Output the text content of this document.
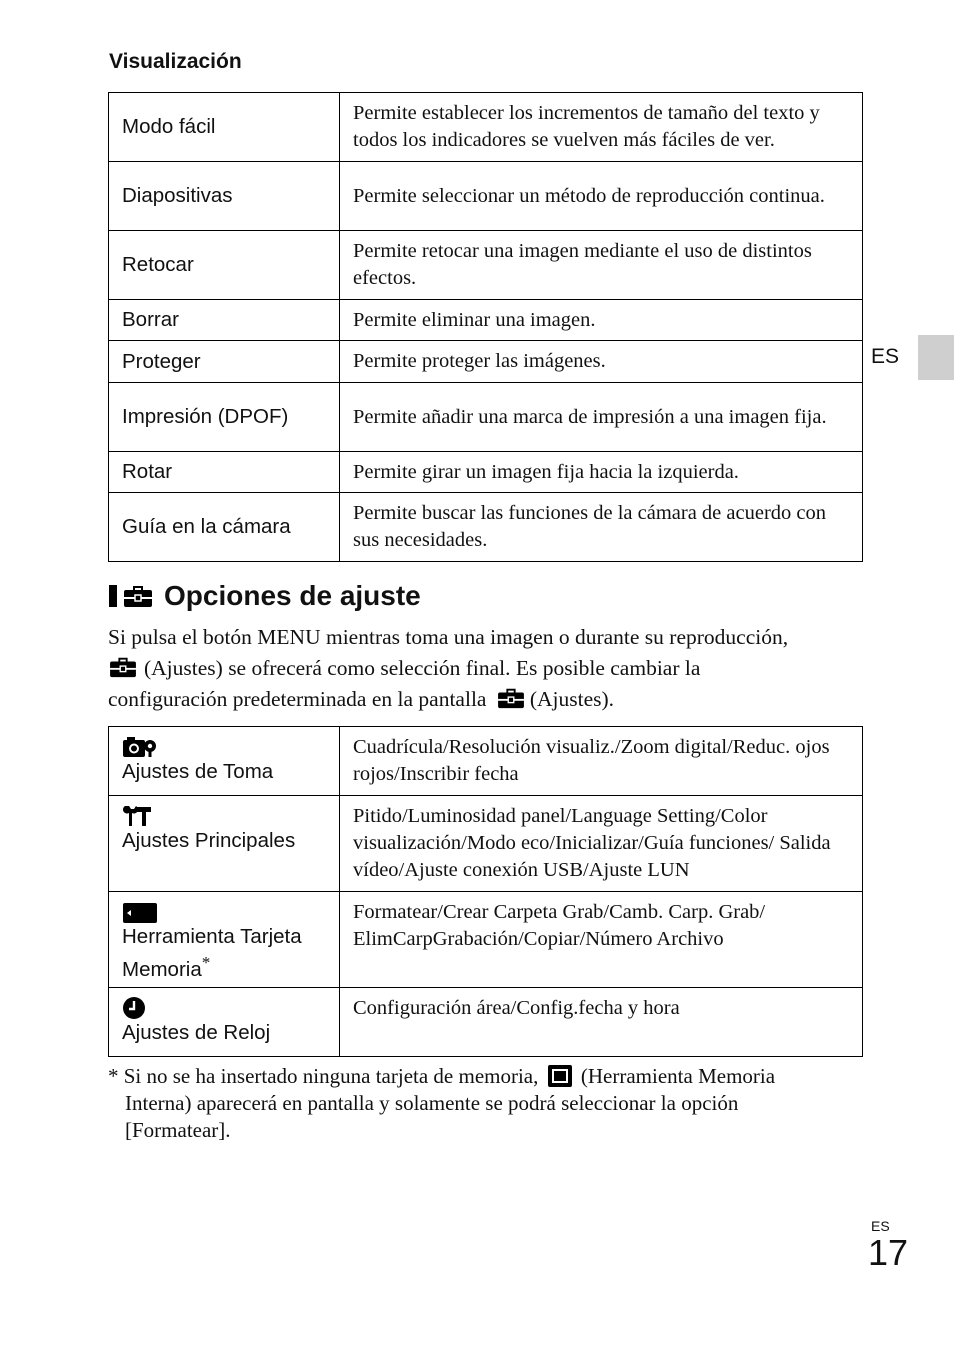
Visualización
Modo fácil	Permite establecer los incrementos de tamaño del texto y todos los indicadores se vuelven más fáciles de ver.
Diapositivas	Permite seleccionar un método de reproducción continua.
Retocar	Permite retocar una imagen mediante el uso de distintos efectos.
Borrar	Permite eliminar una imagen.
Proteger	Permite proteger las imágenes.
Impresión (DPOF)	Permite añadir una marca de impresión a una imagen fija.
Rotar	Permite girar un imagen fija hacia la izquierda.
Guía en la cámara	Permite buscar las funciones de la cámara de acuerdo con sus necesidades.
ES
Opciones de ajuste
Si pulsa el botón MENU mientras toma una imagen o durante su reproducción,
(Ajustes) se ofrecerá como selección final. Es posible cambiar la
configuración predeterminada en la pantalla (Ajustes).
Ajustes de Toma	Cuadrícula/Resolución visualiz./Zoom digital/Reduc. ojos rojos/Inscribir fecha

Ajustes Principales	Pitido/Luminosidad panel/Language Setting/Color visualización/Modo eco/Inicializar/Guía funciones/ Salida vídeo/Ajuste conexión USB/Ajuste LUN

Herramienta Tarjeta Memoria*	Formatear/Crear Carpeta Grab/Camb. Carp. Grab/ ElimCarpGrabación/Copiar/Número Archivo

Ajustes de Reloj	Configuración área/Config.fecha y hora
* Si no se ha insertado ninguna tarjeta de memoria, (Herramienta Memoria
Interna) aparecerá en pantalla y solamente se podrá seleccionar la opción
[Formatear].
ES
17
